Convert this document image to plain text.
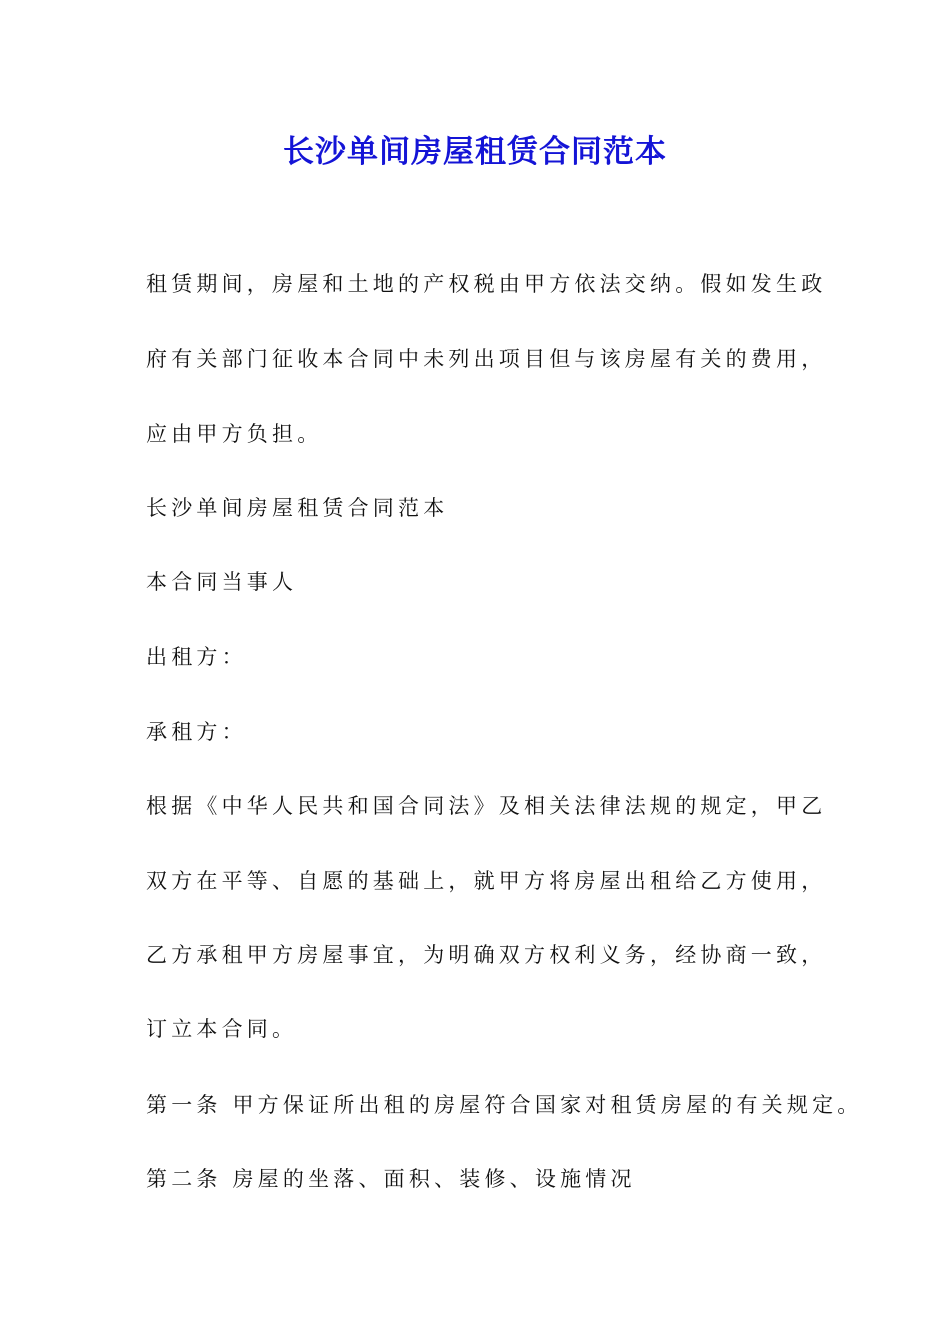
长沙单间房屋租赁合同范本
租赁期间，房屋和土地的产权税由甲方依法交纳。假如发生政
府有关部门征收本合同中未列出项目但与该房屋有关的费用，
应由甲方负担。
长沙单间房屋租赁合同范本
本合同当事人
出租方：
承租方：
根据《中华人民共和国合同法》及相关法律法规的规定，甲乙
双方在平等、自愿的基础上，就甲方将房屋出租给乙方使用，
乙方承租甲方房屋事宜，为明确双方权利义务，经协商一致，
订立本合同。
第一条 甲方保证所出租的房屋符合国家对租赁房屋的有关规定。
第二条 房屋的坐落、面积、装修、设施情况
